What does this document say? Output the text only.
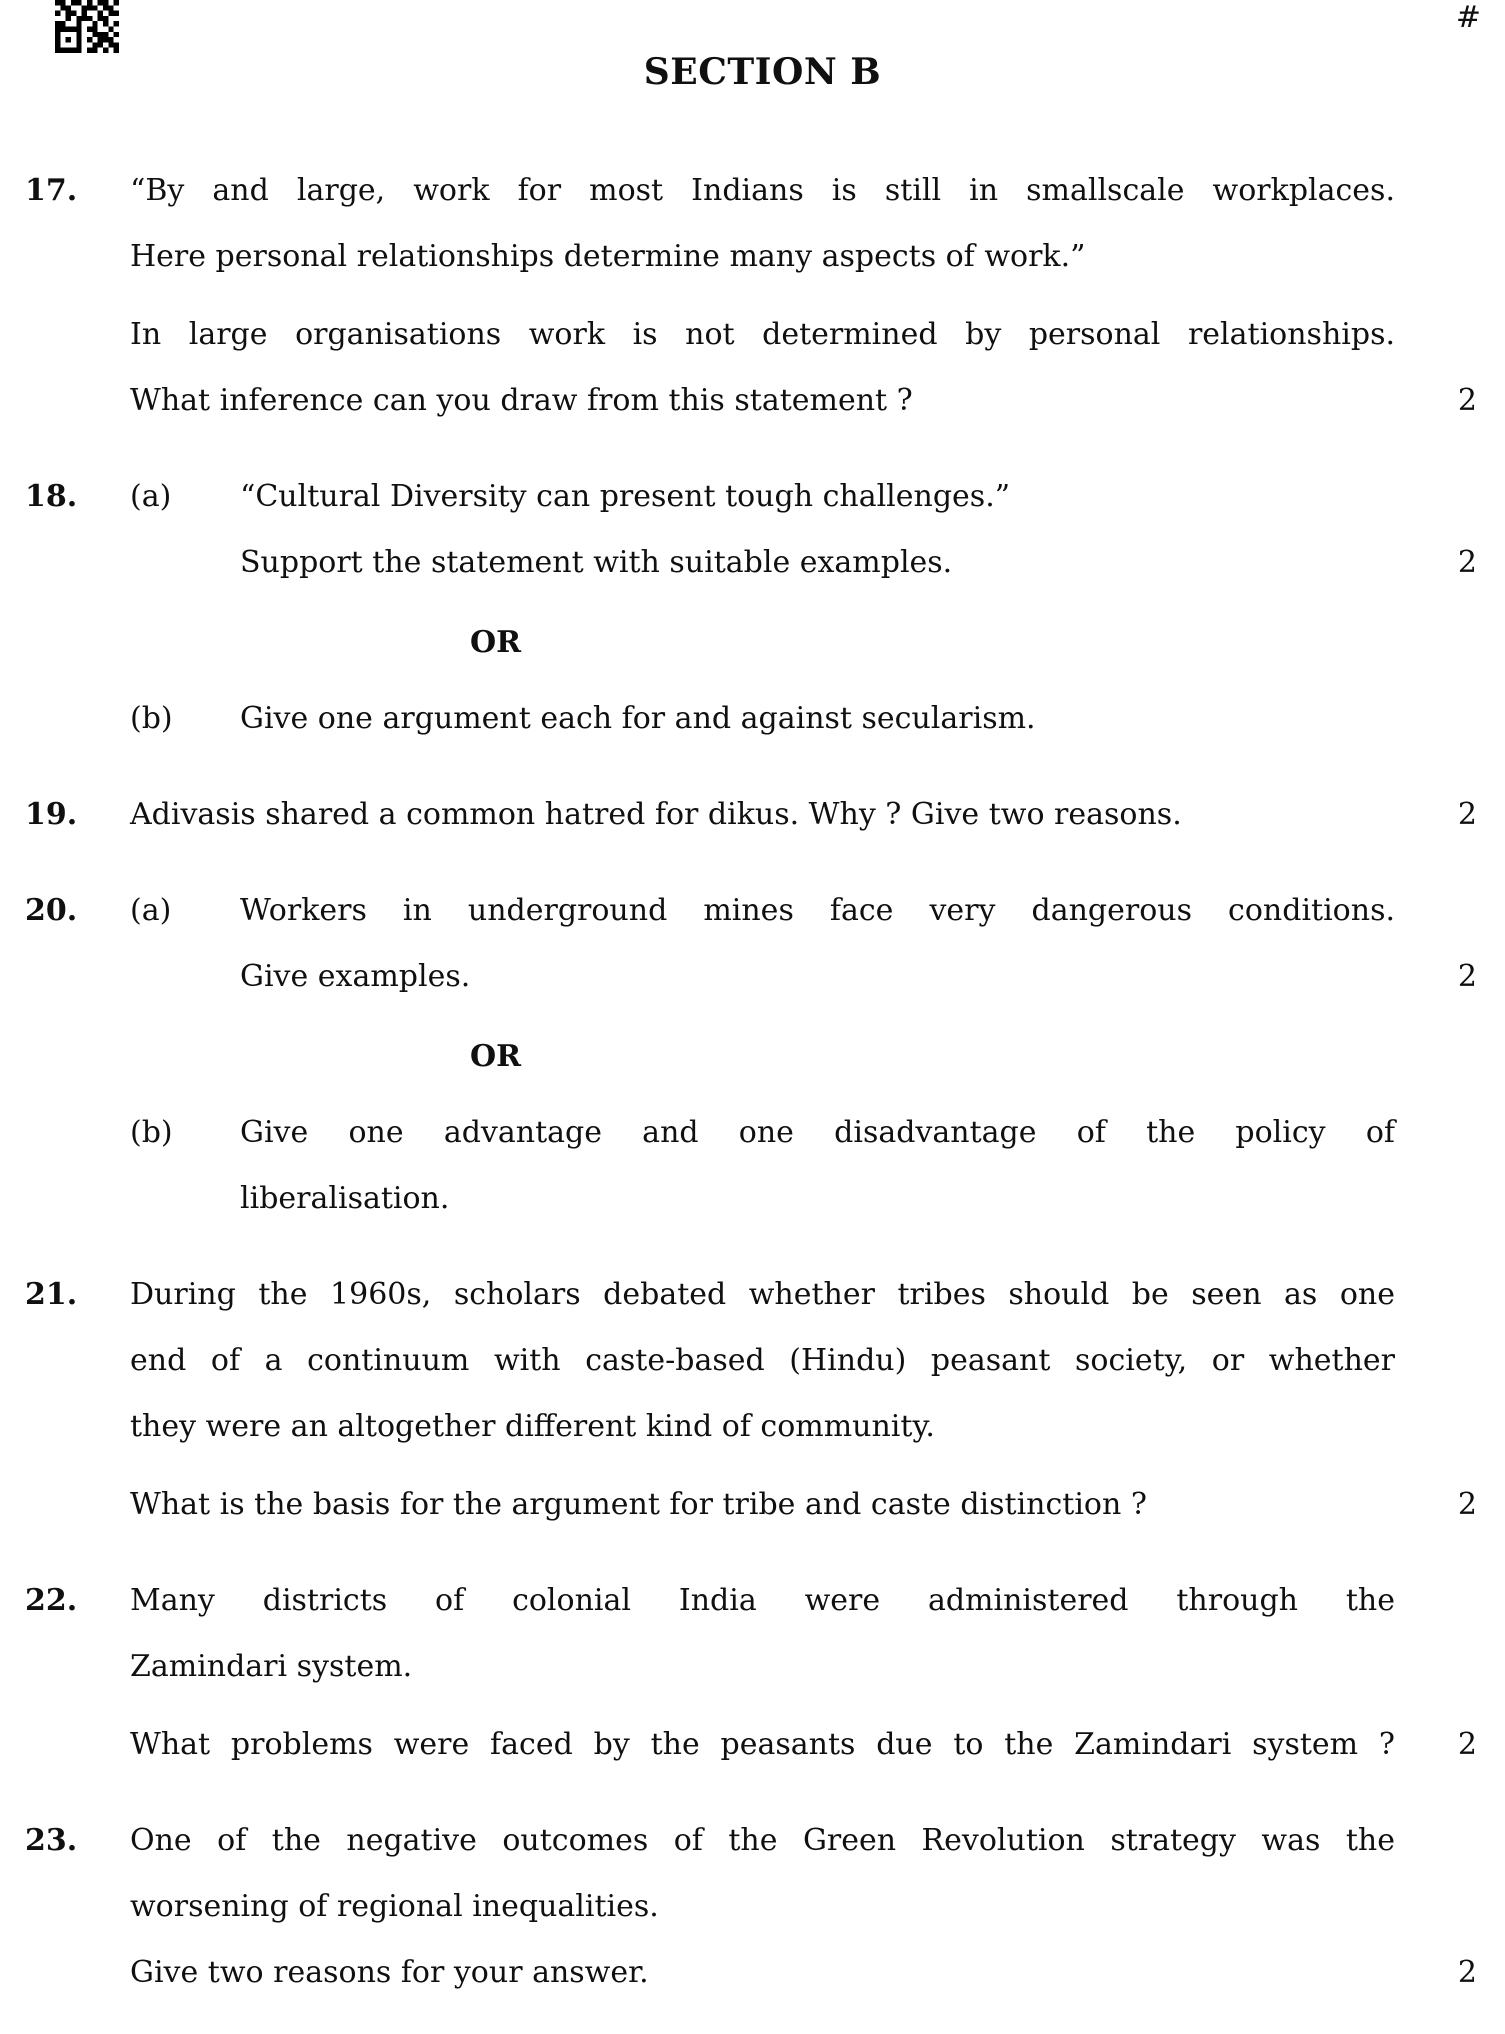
#
SECTION B
17. “By and large, work for most Indians is still in smallscale workplaces.
Here personal relationships determine many aspects of work.”
In large organisations work is not determined by personal relationships.
What inference can you draw from this statement ?	2
18. (a) “Cultural Diversity can present tough challenges.”
Support the statement with suitable examples.	2
OR
(b) Give one argument each for and against secularism.
19. Adivasis shared a common hatred for dikus. Why ? Give two reasons.	2
20. (a) Workers in underground mines face very dangerous conditions.
Give examples.	2
OR
(b) Give one advantage and one disadvantage of the policy of
liberalisation.
21. During the 1960s, scholars debated whether tribes should be seen as one
end of a continuum with caste-based (Hindu) peasant society, or whether
they were an altogether different kind of community.
What is the basis for the argument for tribe and caste distinction ?	2
22. Many districts of colonial India were administered through the
Zamindari system.
What problems were faced by the peasants due to the Zamindari system ? 2
23. One of the negative outcomes of the Green Revolution strategy was the
worsening of regional inequalities.
Give two reasons for your answer.	2
